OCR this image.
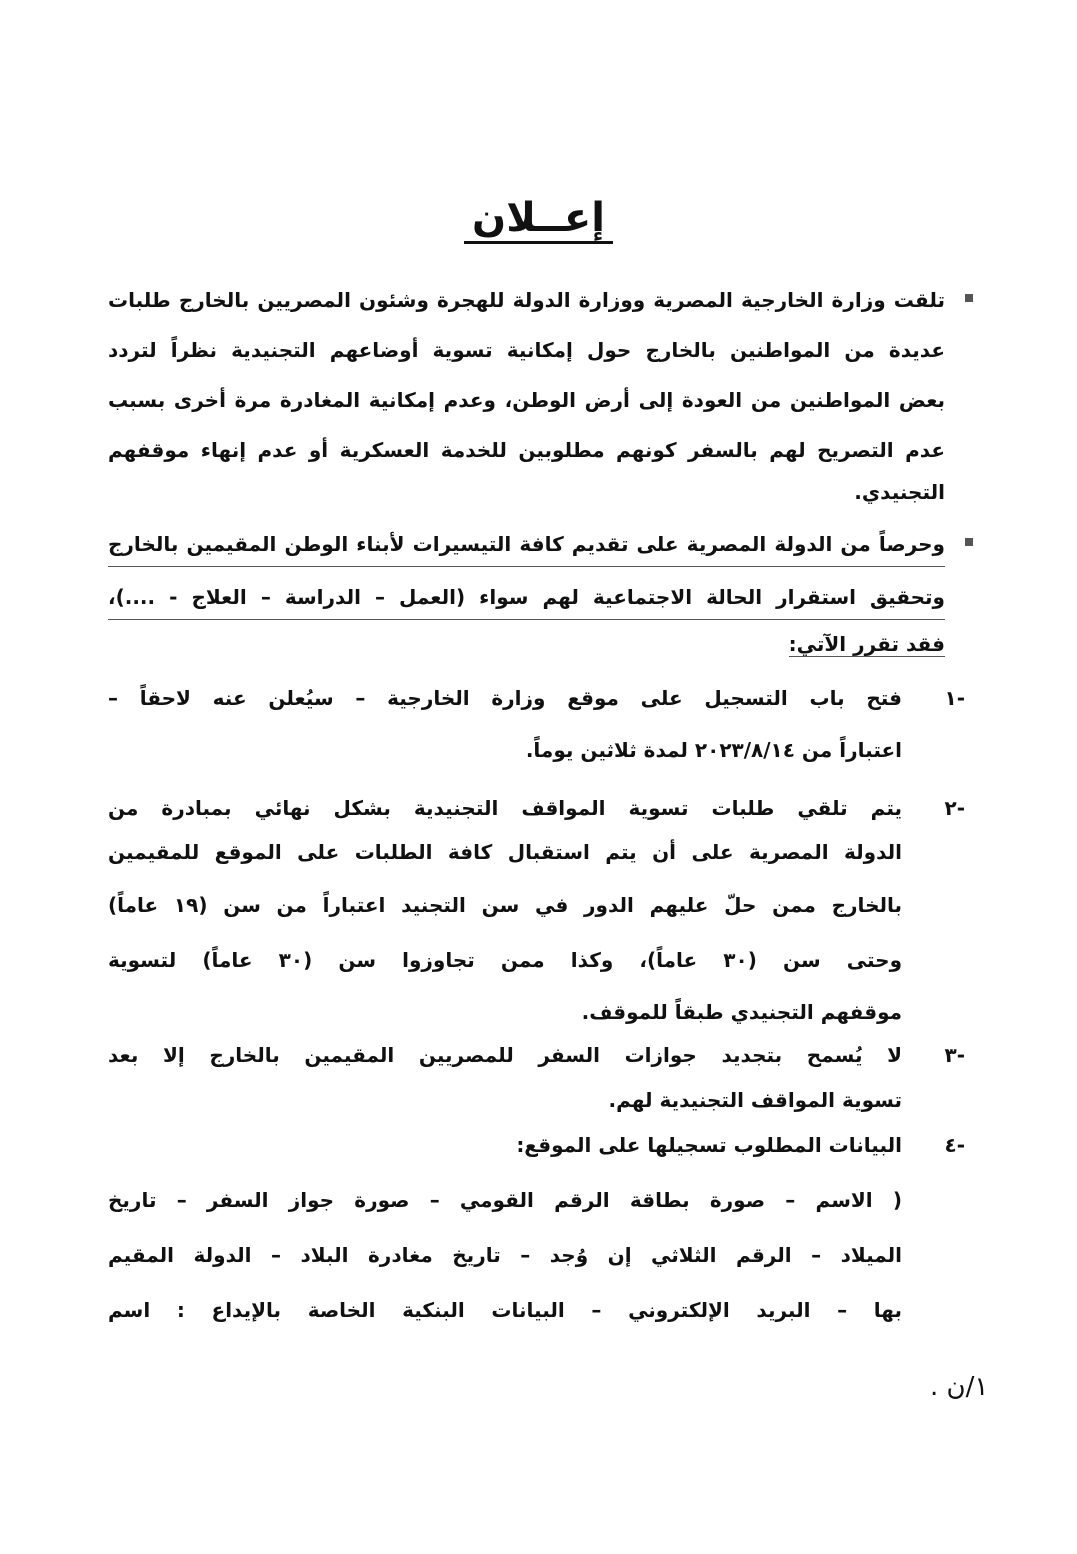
إعــلان
تلقت وزارة الخارجية المصرية ووزارة الدولة للهجرة وشئون المصريين بالخارج طلبات
عديدة من المواطنين بالخارج حول إمكانية تسوية أوضاعهم التجنيدية نظراً لتردد
بعض المواطنين من العودة إلى أرض الوطن، وعدم إمكانية المغادرة مرة أخرى بسبب
عدم التصريح لهم بالسفر كونهم مطلوبين للخدمة العسكرية أو عدم إنهاء موقفهم
التجنيدي.
وحرصاً من الدولة المصرية على تقديم كافة التيسيرات لأبناء الوطن المقيمين بالخارج
وتحقيق استقرار الحالة الاجتماعية لهم سواء (العمل – الدراسة – العلاج - ....)،
فقد تقرر الآتي:
-١
فتح باب التسجيل على موقع وزارة الخارجية – سيُعلن عنه لاحقاً –
اعتباراً من ٢٠٢٣/٨/١٤ لمدة ثلاثين يوماً.
-٢
يتم تلقي طلبات تسوية المواقف التجنيدية بشكل نهائي بمبادرة من
الدولة المصرية على أن يتم استقبال كافة الطلبات على الموقع للمقيمين
بالخارج ممن حلّ عليهم الدور في سن التجنيد اعتباراً من سن (١٩ عاماً)
وحتى سن (٣٠ عاماً)، وكذا ممن تجاوزوا سن (٣٠ عاماً) لتسوية
موقفهم التجنيدي طبقاً للموقف.
-٣
لا يُسمح بتجديد جوازات السفر للمصريين المقيمين بالخارج إلا بعد
تسوية المواقف التجنيدية لهم.
-٤
البيانات المطلوب تسجيلها على الموقع:
( الاسم – صورة بطاقة الرقم القومي – صورة جواز السفر – تاريخ
الميلاد – الرقم الثلاثي إن وُجد – تاريخ مغادرة البلاد – الدولة المقيم
بها – البريد الإلكتروني – البيانات البنكية الخاصة بالإيداع : اسم
١/ن .
